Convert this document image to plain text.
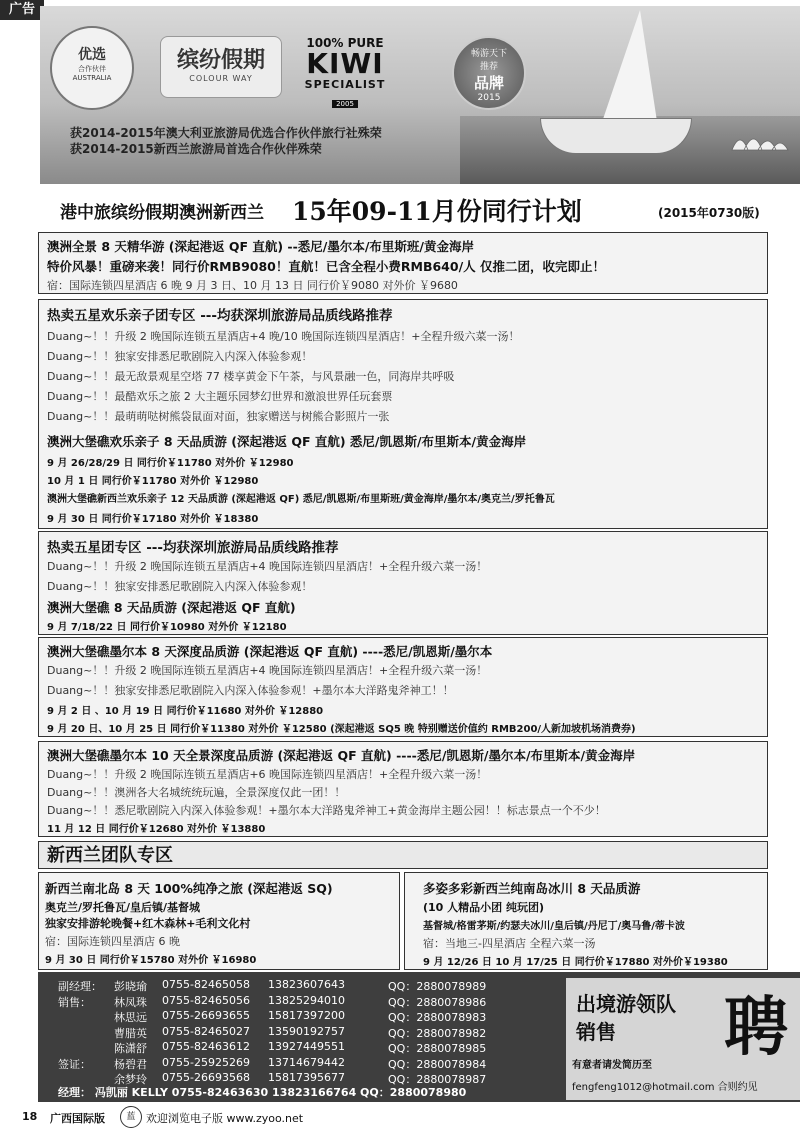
广告
优选
合作伙伴
AUSTRALIA
缤纷假期
COLOUR WAY
100% PURE
KIWI
SPECIALIST
2005
畅游天下
推荐
品牌
2015
获2014-2015年澳大利亚旅游局优选合作伙伴旅行社殊荣
获2014-2015新西兰旅游局首选合作伙伴殊荣
港中旅缤纷假期澳洲新西兰 15年09-11月份同行计划	(2015年0730版)
澳洲全景 8 天精华游 (深起港返 QF 直航) --悉尼/墨尔本/布里斯班/黄金海岸
特价风暴！重磅来袭！同行价RMB9080！直航！已含全程小费RMB640/人 仅推二团，收完即止！
宿：国际连锁四星酒店 6 晚 9 月 3 日、10 月 13 日 同行价￥9080 对外价 ￥9680
热卖五星欢乐亲子团专区 ---均获深圳旅游局品质线路推荐
Duang~！！升级 2 晚国际连锁五星酒店+4 晚/10 晚国际连锁四星酒店！+全程升级六菜一汤！
Duang~！！独家安排悉尼歌剧院入内深入体验参观！
Duang~！！最无敌景观星空塔 77 楼享黄金下午茶，与风景融一色，同海岸共呼吸
Duang~！！最酷欢乐之旅 2 大主题乐园梦幻世界和激浪世界任玩套票
Duang~！！最萌萌哒树熊袋鼠面对面，独家赠送与树熊合影照片一张
澳洲大堡礁欢乐亲子 8 天品质游 (深起港返 QF 直航) 悉尼/凯恩斯/布里斯本/黄金海岸
9 月 26/28/29 日 同行价￥11780 对外价 ￥12980
10 月 1 日 同行价￥11780 对外价 ￥12980
澳洲大堡礁新西兰欢乐亲子 12 天品质游 (深起港返 QF) 悉尼/凯恩斯/布里斯班/黄金海岸/墨尔本/奥克兰/罗托鲁瓦
9 月 30 日 同行价￥17180 对外价 ￥18380
热卖五星团专区 ---均获深圳旅游局品质线路推荐
Duang~！！升级 2 晚国际连锁五星酒店+4 晚国际连锁四星酒店！+全程升级六菜一汤！
Duang~！！独家安排悉尼歌剧院入内深入体验参观！
澳洲大堡礁 8 天品质游 (深起港返 QF 直航)
9 月 7/18/22 日 同行价￥10980 对外价 ￥12180
澳洲大堡礁墨尔本 8 天深度品质游 (深起港返 QF 直航) ----悉尼/凯恩斯/墨尔本
Duang~！！升级 2 晚国际连锁五星酒店+4 晚国际连锁四星酒店！+全程升级六菜一汤！
Duang~！！独家安排悉尼歌剧院入内深入体验参观！+墨尔本大洋路鬼斧神工！！
9 月 2 日 、10 月 19 日 同行价￥11680 对外价 ￥12880
9 月 20 日、10 月 25 日 同行价￥11380 对外价 ￥12580 (深起港返 SQ5 晚 特别赠送价值约 RMB200/人新加坡机场消费券)
澳洲大堡礁墨尔本 10 天全景深度品质游 (深起港返 QF 直航) ----悉尼/凯恩斯/墨尔本/布里斯本/黄金海岸
Duang~！！升级 2 晚国际连锁五星酒店+6 晚国际连锁四星酒店！+全程升级六菜一汤！
Duang~！！澳洲各大名城统统玩遍，全景深度仅此一团！！
Duang~！！悉尼歌剧院入内深入体验参观！+墨尔本大洋路鬼斧神工+黄金海岸主题公园！！标志景点一个不少！
11 月 12 日 同行价￥12680 对外价 ￥13880
新西兰团队专区
新西兰南北岛 8 天 100%纯净之旅 (深起港返 SQ)
奥克兰/罗托鲁瓦/皇后镇/基督城
独家安排游轮晚餐+红木森林+毛利文化村
宿：国际连锁四星酒店 6 晚
9 月 30 日 同行价￥15780 对外价 ￥16980
多姿多彩新西兰纯南岛冰川 8 天品质游
(10 人精品小团 纯玩团)
基督城/格雷茅斯/约瑟夫冰川/皇后镇/丹尼丁/奥马鲁/蒂卡波
宿：当地三-四星酒店 全程六菜一汤
9 月 12/26 日 10 月 17/25 日 同行价￥17880 对外价￥19380
副经理： 彭晓瑜 0755-82465058 13823607643	QQ：2880078989
销售： 林凤珠 0755-82465056 13825294010	QQ：2880078986
林思远 0755-26693655 15817397200	QQ：2880078983
曹腊英 0755-82465027 13590192757	QQ：2880078982
陈潇舒 0755-82463612 13927449551	QQ：2880078985
签证： 杨碧君 0755-25925269 13714679442	QQ：2880078984
余梦玲 0755-26693568 15817395677	QQ：2880078987
经理： 冯凯丽 KELLY 0755-82463630 13823166764 QQ：2880078980
出境游领队
销售 聘
有意者请发简历至
fengfeng1012@hotmail.com 合则约见
18 广西国际版	蓝 欢迎浏览电子版 www.zyoo.net
